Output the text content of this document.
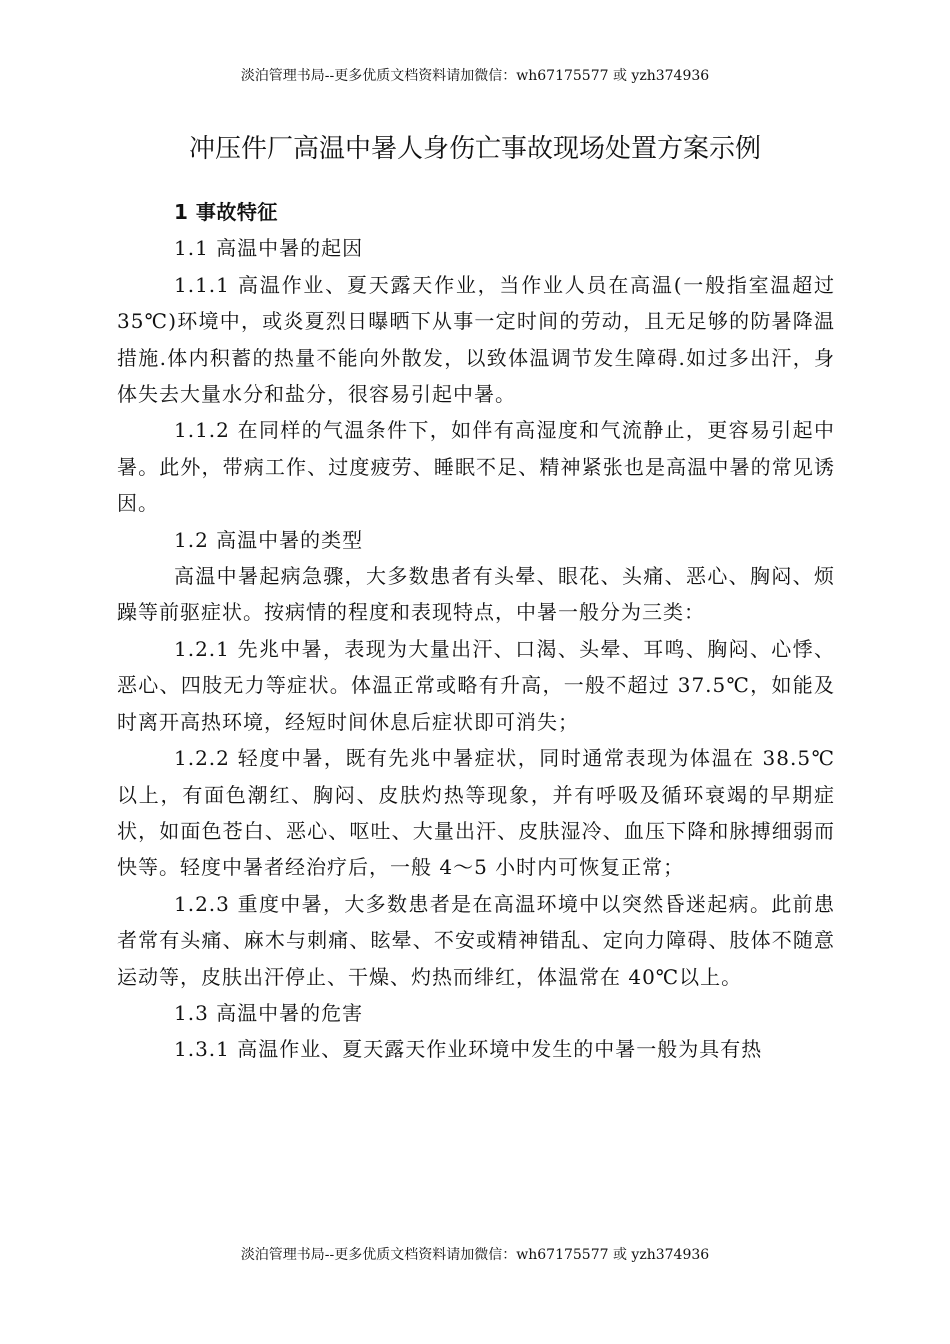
淡泊管理书局--更多优质文档资料请加微信：wh67175577 或 yzh374936
冲压件厂高温中暑人身伤亡事故现场处置方案示例
1 事故特征
1.1 高温中暑的起因
1.1.1 高温作业、夏天露天作业，当作业人员在高温(一般指室温超过 35℃)环境中，或炎夏烈日曝晒下从事一定时间的劳动，且无足够的防暑降温措施.体内积蓄的热量不能向外散发，以致体温调节发生障碍.如过多出汗，身体失去大量水分和盐分，很容易引起中暑。
1.1.2 在同样的气温条件下，如伴有高湿度和气流静止，更容易引起中暑。此外，带病工作、过度疲劳、睡眠不足、精神紧张也是高温中暑的常见诱因。
1.2 高温中暑的类型
高温中暑起病急骤，大多数患者有头晕、眼花、头痛、恶心、胸闷、烦躁等前驱症状。按病情的程度和表现特点，中暑一般分为三类：
1.2.1 先兆中暑，表现为大量出汗、口渴、头晕、耳鸣、胸闷、心悸、恶心、四肢无力等症状。体温正常或略有升高，一般不超过 37.5℃，如能及时离开高热环境，经短时间休息后症状即可消失；
1.2.2 轻度中暑，既有先兆中暑症状，同时通常表现为体温在 38.5℃以上，有面色潮红、胸闷、皮肤灼热等现象，并有呼吸及循环衰竭的早期症状，如面色苍白、恶心、呕吐、大量出汗、皮肤湿冷、血压下降和脉搏细弱而快等。轻度中暑者经治疗后，一般 4～5 小时内可恢复正常；
1.2.3 重度中暑，大多数患者是在高温环境中以突然昏迷起病。此前患者常有头痛、麻木与刺痛、眩晕、不安或精神错乱、定向力障碍、肢体不随意运动等，皮肤出汗停止、干燥、灼热而绯红，体温常在 40℃以上。
1.3 高温中暑的危害
1.3.1 高温作业、夏天露天作业环境中发生的中暑一般为具有热
淡泊管理书局--更多优质文档资料请加微信：wh67175577 或 yzh374936
